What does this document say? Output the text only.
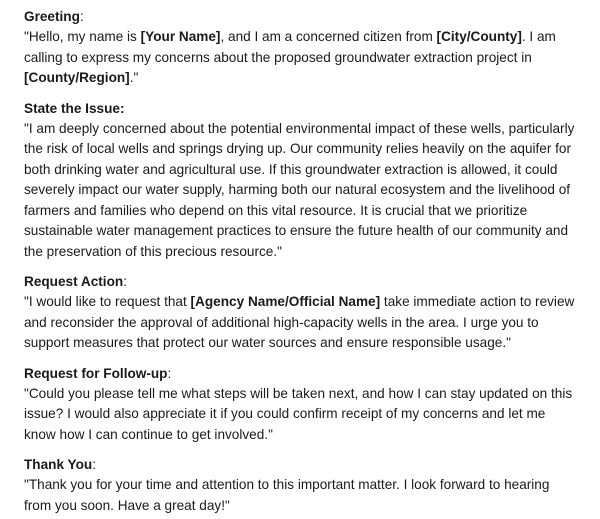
Greeting:

"Hello, my name is [Your Name], and I am a concerned citizen from [City/County]. I am calling to express my concerns about the proposed groundwater extraction project in [County/Region]."

State the Issue:

"I am deeply concerned about the potential environmental impact of these wells, particularly the risk of local wells and springs drying up. Our community relies heavily on the aquifer for both drinking water and agricultural use. If this groundwater extraction is allowed, it could severely impact our water supply, harming both our natural ecosystem and the livelihood of farmers and families who depend on this vital resource. It is crucial that we prioritize sustainable water management practices to ensure the future health of our community and the preservation of this precious resource."

Request Action:

"I would like to request that [Agency Name/Official Name] take immediate action to review and reconsider the approval of additional high-capacity wells in the area. I urge you to support measures that protect our water sources and ensure responsible usage."

Request for Follow-up:

"Could you please tell me what steps will be taken next, and how I can stay updated on this issue? I would also appreciate it if you could confirm receipt of my concerns and let me know how I can continue to get involved."

Thank You:

"Thank you for your time and attention to this important matter. I look forward to hearing from you soon. Have a great day!"
